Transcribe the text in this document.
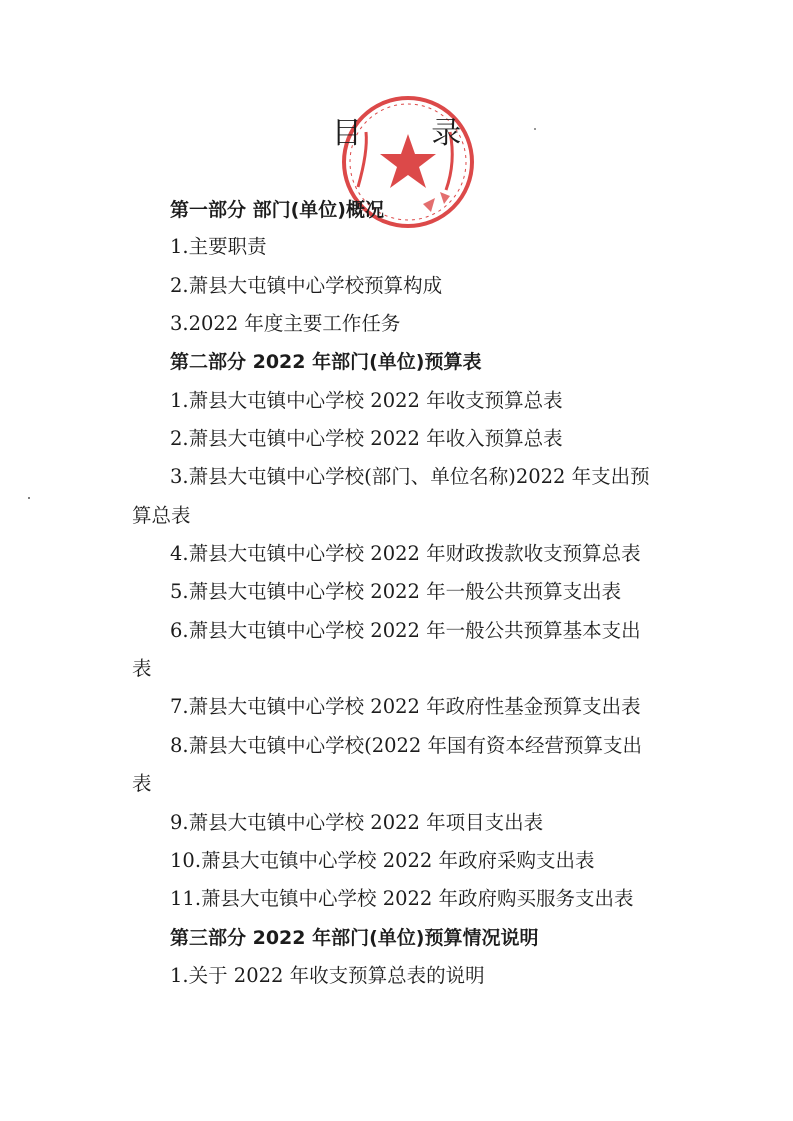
目 录
第一部分 部门(单位)概况
1.主要职责
2.萧县大屯镇中心学校预算构成
3.2022 年度主要工作任务
第二部分 2022 年部门(单位)预算表
1.萧县大屯镇中心学校 2022 年收支预算总表
2.萧县大屯镇中心学校 2022 年收入预算总表
3.萧县大屯镇中心学校(部门、单位名称)2022 年支出预
算总表
4.萧县大屯镇中心学校 2022 年财政拨款收支预算总表
5.萧县大屯镇中心学校 2022 年一般公共预算支出表
6.萧县大屯镇中心学校 2022 年一般公共预算基本支出
表
7.萧县大屯镇中心学校 2022 年政府性基金预算支出表
8.萧县大屯镇中心学校(2022 年国有资本经营预算支出
表
9.萧县大屯镇中心学校 2022 年项目支出表
10.萧县大屯镇中心学校 2022 年政府采购支出表
11.萧县大屯镇中心学校 2022 年政府购买服务支出表
第三部分 2022 年部门(单位)预算情况说明
1.关于 2022 年收支预算总表的说明
